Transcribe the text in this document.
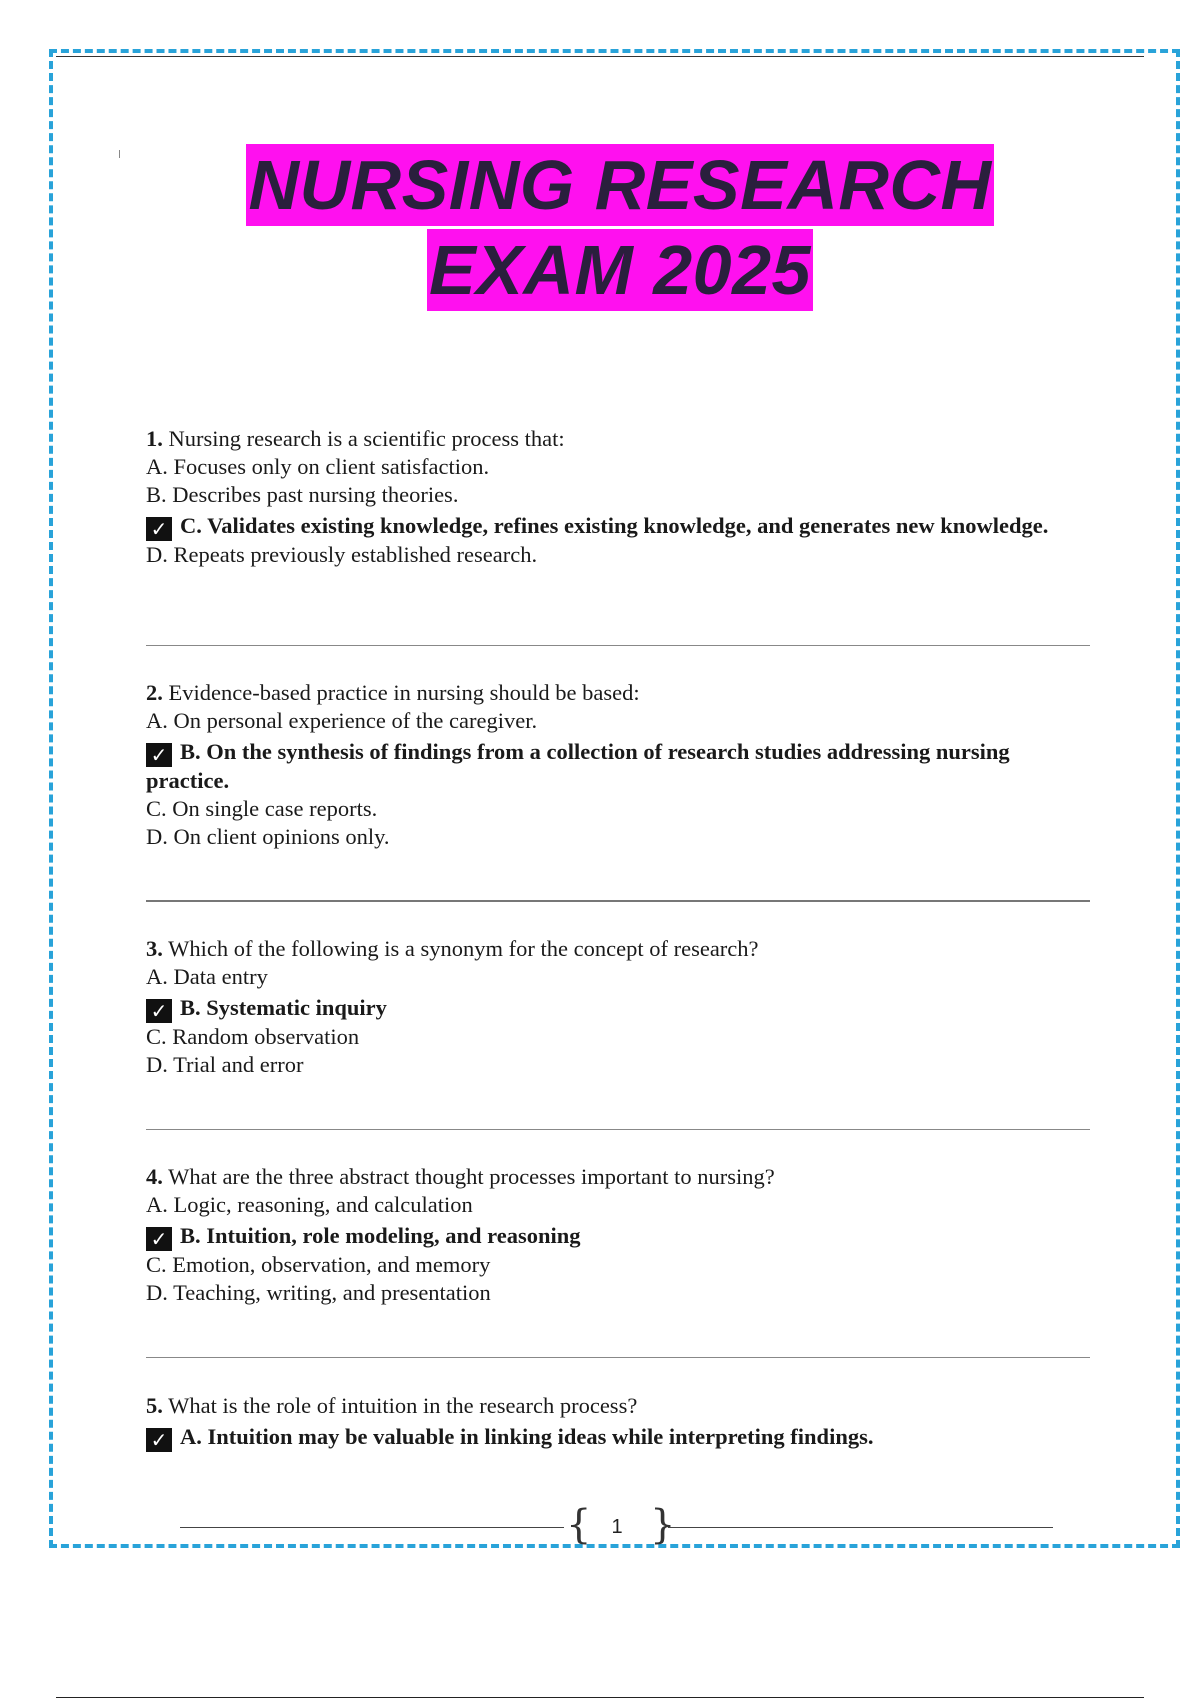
NURSING RESEARCH
EXAM 2025
1. Nursing research is a scientific process that:
A. Focuses only on client satisfaction.
B. Describes past nursing theories.
✓ C. Validates existing knowledge, refines existing knowledge, and generates new knowledge.
D. Repeats previously established research.
2. Evidence-based practice in nursing should be based:
A. On personal experience of the caregiver.
✓ B. On the synthesis of findings from a collection of research studies addressing nursing practice.
C. On single case reports.
D. On client opinions only.
3. Which of the following is a synonym for the concept of research?
A. Data entry
✓ B. Systematic inquiry
C. Random observation
D. Trial and error
4. What are the three abstract thought processes important to nursing?
A. Logic, reasoning, and calculation
✓ B. Intuition, role modeling, and reasoning
C. Emotion, observation, and memory
D. Teaching, writing, and presentation
5. What is the role of intuition in the research process?
✓ A. Intuition may be valuable in linking ideas while interpreting findings.
{ }
1
